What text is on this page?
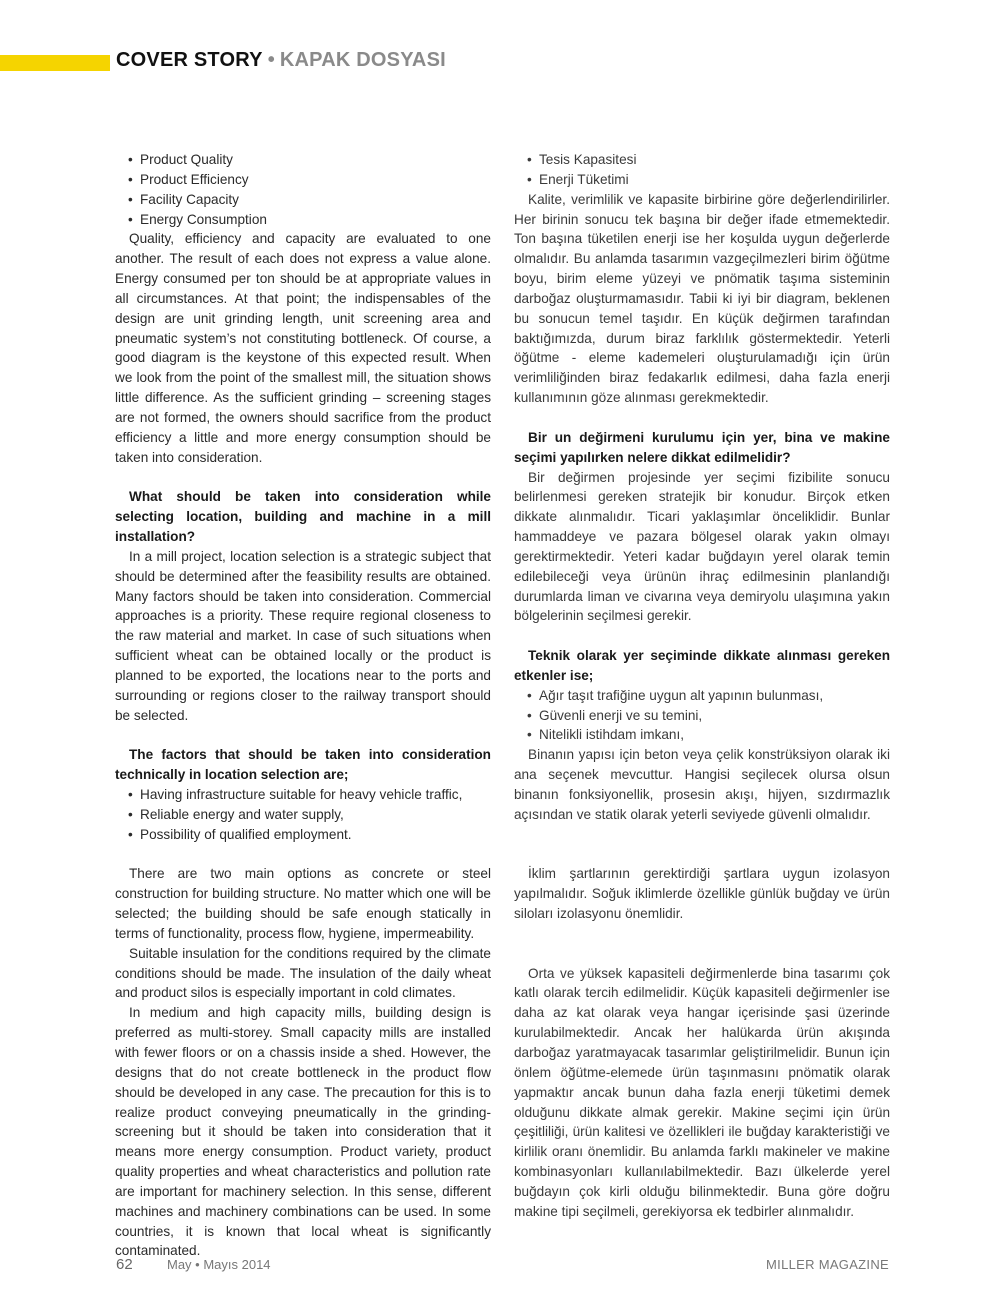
COVER STORY • KAPAK DOSYASI
• Product Quality
• Product Efficiency
• Facility Capacity
• Energy Consumption

Quality, efficiency and capacity are evaluated to one another. The result of each does not express a value alone. Energy consumed per ton should be at appropriate values in all circumstances. At that point; the indispensables of the design are unit grinding length, unit screening area and pneumatic system’s not constituting bottleneck. Of course, a good diagram is the keystone of this expected result. When we look from the point of the smallest mill, the situation shows little difference. As the sufficient grinding – screening stages are not formed, the owners should sacrifice from the product efficiency a little and more energy consumption should be taken into consideration.

What should be taken into consideration while selecting location, building and machine in a mill installation?

In a mill project, location selection is a strategic subject that should be determined after the feasibility results are obtained. Many factors should be taken into consideration. Commercial approaches is a priority. These require regional closeness to the raw material and market. In case of such situations when sufficient wheat can be obtained locally or the product is planned to be exported, the locations near to the ports and surrounding or regions closer to the railway transport should be selected.

The factors that should be taken into consideration technically in location selection are;

• Having infrastructure suitable for heavy vehicle traffic,
• Reliable energy and water supply,
• Possibility of qualified employment.

There are two main options as concrete or steel construction for building structure. No matter which one will be selected; the building should be safe enough statically in terms of functionality, process flow, hygiene, impermeability.

Suitable insulation for the conditions required by the climate conditions should be made. The insulation of the daily wheat and product silos is especially important in cold climates.

In medium and high capacity mills, building design is preferred as multi-storey. Small capacity mills are installed with fewer floors or on a chassis inside a shed. However, the designs that do not create bottleneck in the product flow should be developed in any case. The precaution for this is to realize product conveying pneumatically in the grinding-screening but it should be taken into consideration that it means more energy consumption. Product variety, product quality properties and wheat characteristics and pollution rate are important for machinery selection. In this sense, different machines and machinery combinations can be used. In some countries, it is known that local wheat is significantly contaminated.

• Tesis Kapasitesi
• Enerji Tüketimi

Kalite, verimlilik ve kapasite birbirine göre değerlendirilirler. Her birinin sonucu tek başına bir değer ifade etmemektedir. Ton başına tüketilen enerji ise her koşulda uygun değerlerde olmalıdır. Bu anlamda tasarımın vazgeçilmezleri birim öğütme boyu, birim eleme yüzeyi ve pnömatik taşıma sisteminin darboğaz oluşturmamasıdır. Tabii ki iyi bir diagram, beklenen bu sonucun temel taşıdır. En küçük değirmen tarafından baktığımızda, durum biraz farklılık göstermektedir. Yeterli öğütme - eleme kademeleri oluşturulamadığı için ürün verimliliğinden biraz fedakarlık edilmesi, daha fazla enerji kullanımının göze alınması gerekmektedir.

Bir un değirmeni kurulumu için yer, bina ve makine seçimi yapılırken nelere dikkat edilmelidir?

Bir değirmen projesinde yer seçimi fizibilite sonucu belirlenmesi gereken stratejik bir konudur. Birçok etken dikkate alınmalıdır. Ticari yaklaşımlar önceliklidir. Bunlar hammaddeye ve pazara bölgesel olarak yakın olmayı gerektirmektedir. Yeteri kadar buğdayın yerel olarak temin edilebileceği veya ürünün ihraç edilmesinin planlandığı durumlarda liman ve civarına veya demiryolu ulaşımına yakın bölgelerinin seçilmesi gerekir.

Teknik olarak yer seçiminde dikkate alınması gereken etkenler ise;

• Ağır taşıt trafiğine uygun alt yapının bulunması,
• Güvenli enerji ve su temini,
• Nitelikli istihdam imkanı,

Binanın yapısı için beton veya çelik konstrüksiyon olarak iki ana seçenek mevcuttur. Hangisi seçilecek olursa olsun binanın fonksiyonellik, prosesin akışı, hijyen, sızdırmazlık açısından ve statik olarak yeterli seviyede güvenli olmalıdır.

İklim şartlarının gerektirdiği şartlara uygun izolasyon yapılmalıdır. Soğuk iklimlerde özellikle günlük buğday ve ürün siloları izolasyonu önemlidir.

Orta ve yüksek kapasiteli değirmenlerde bina tasarımı çok katlı olarak tercih edilmelidir. Küçük kapasiteli değirmenler ise daha az kat olarak veya hangar içerisinde şasi üzerinde kurulabilmektedir. Ancak her halükarda ürün akışında darboğaz yaratmayacak tasarımlar geliştirilmelidir. Bunun için önlem öğütme-elemede ürün taşınmasını pnömatik olarak yapmaktır ancak bunun daha fazla enerji tüketimi demek olduğunu dikkate almak gerekir. Makine seçimi için ürün çeşitliliği, ürün kalitesi ve özellikleri ile buğday karakteristiği ve kirlilik oranı önemlidir. Bu anlamda farklı makineler ve makine kombinasyonları kullanılabilmektedir. Bazı ülkelerde yerel buğdayın çok kirli olduğu bilinmektedir. Buna göre doğru makine tipi seçilmeli, gerekiyorsa ek tedbirler alınmalıdır.

62	May • Mayıs 2014	MILLER MAGAZINE
